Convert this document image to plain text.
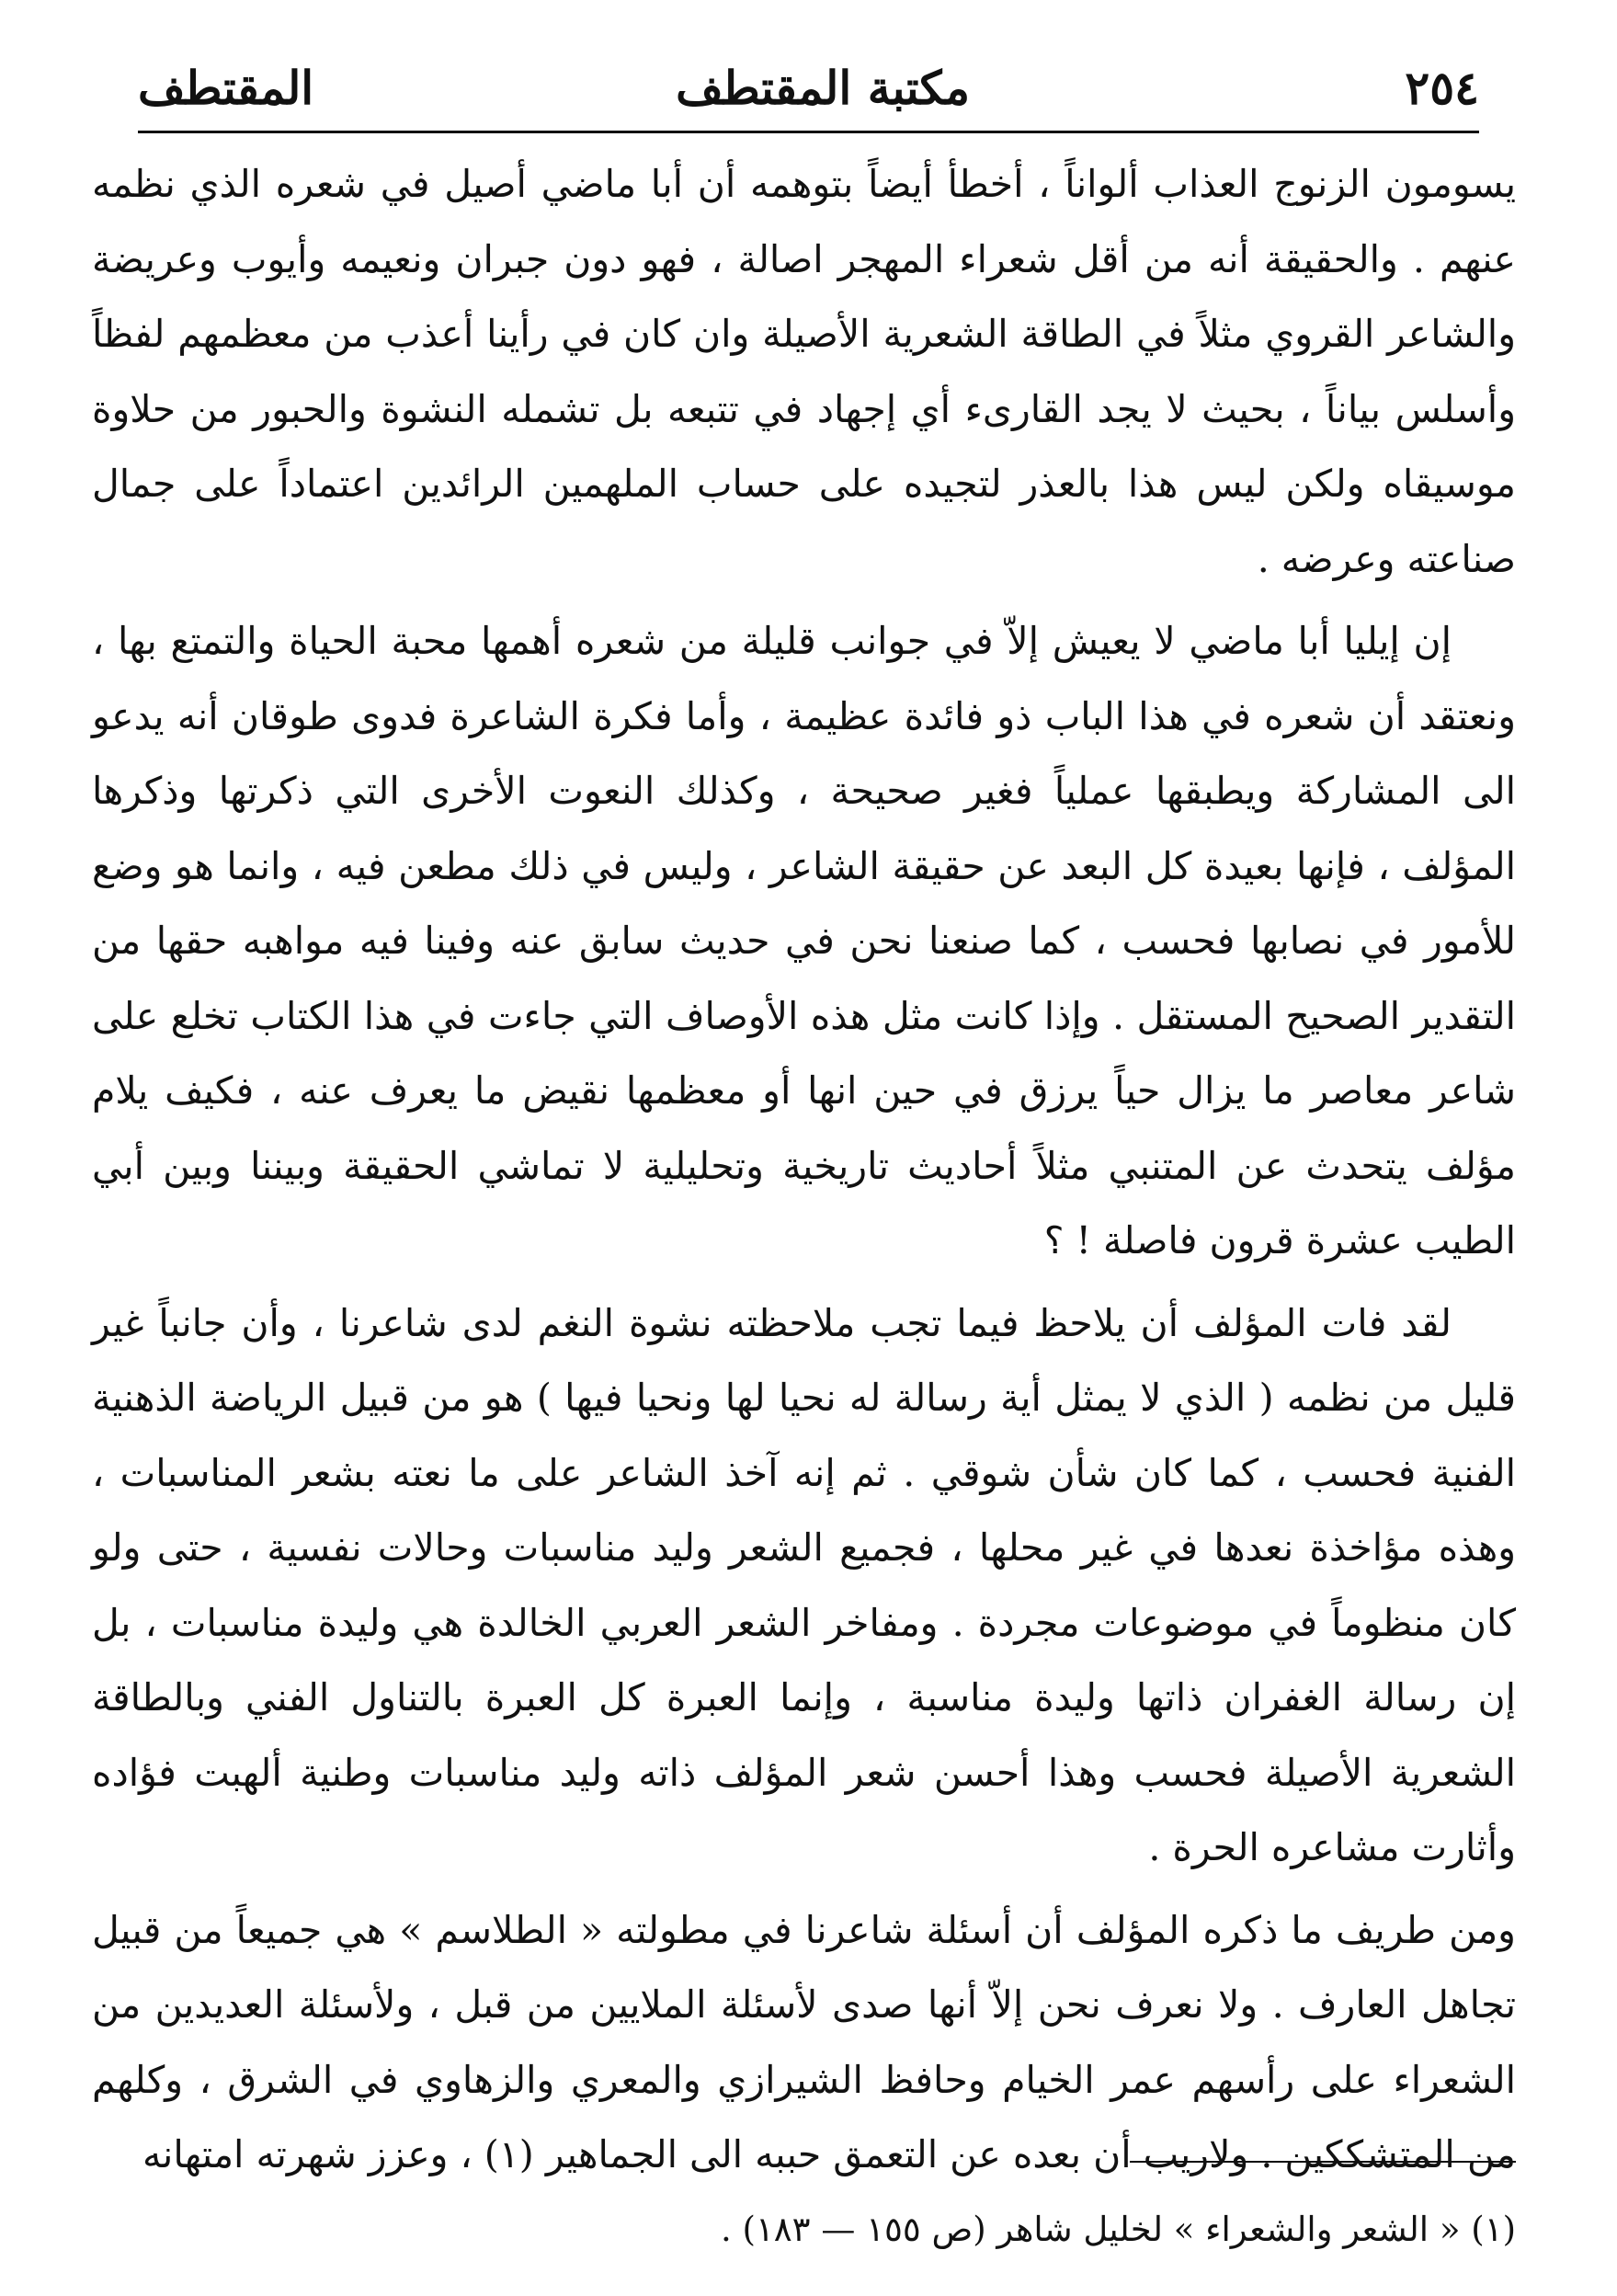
٢٥٤
مكتبة المقتطف
المقتطف

يسومون الزنوج العذاب ألواناً ، أخطأ أيضاً بتوهمه أن أبا ماضي أصيل في شعره الذي نظمه عنهم . والحقيقة أنه من أقل شعراء المهجر اصالة ، فهو دون جبران ونعيمه وأيوب وعريضة والشاعر القروي مثلاً في الطاقة الشعرية الأصيلة وان كان في رأينا أعذب من معظمهم لفظاً وأسلس بياناً ، بحيث لا يجد القارىء أي إجهاد في تتبعه بل تشمله النشوة والحبور من حلاوة موسيقاه ولكن ليس هذا بالعذر لتجيده على حساب الملهمين الرائدين اعتماداً على جمال صناعته وعرضه .

إن إيليا أبا ماضي لا يعيش إلاّ في جوانب قليلة من شعره أهمها محبة الحياة والتمتع بها ، ونعتقد أن شعره في هذا الباب ذو فائدة عظيمة ، وأما فكرة الشاعرة فدوى طوقان أنه يدعو الى المشاركة ويطبقها عملياً فغير صحيحة ، وكذلك النعوت الأخرى التي ذكرتها وذكرها المؤلف ، فإنها بعيدة كل البعد عن حقيقة الشاعر ، وليس في ذلك مطعن فيه ، وانما هو وضع للأمور في نصابها فحسب ، كما صنعنا نحن في حديث سابق عنه وفينا فيه مواهبه حقها من التقدير الصحيح المستقل . وإذا كانت مثل هذه الأوصاف التي جاءت في هذا الكتاب تخلع على شاعر معاصر ما يزال حياً يرزق في حين انها أو معظمها نقيض ما يعرف عنه ، فكيف يلام مؤلف يتحدث عن المتنبي مثلاً أحاديث تاريخية وتحليلية لا تماشي الحقيقة وبيننا وبين أبي الطيب عشرة قرون فاصلة ! ؟

لقد فات المؤلف أن يلاحظ فيما تجب ملاحظته نشوة النغم لدى شاعرنا ، وأن جانباً غير قليل من نظمه ( الذي لا يمثل أية رسالة له نحيا لها ونحيا فيها ) هو من قبيل الرياضة الذهنية الفنية فحسب ، كما كان شأن شوقي . ثم إنه آخذ الشاعر على ما نعته بشعر المناسبات ، وهذه مؤاخذة نعدها في غير محلها ، فجميع الشعر وليد مناسبات وحالات نفسية ، حتى ولو كان منظوماً في موضوعات مجردة . ومفاخر الشعر العربي الخالدة هي وليدة مناسبات ، بل إن رسالة الغفران ذاتها وليدة مناسبة ، وإنما العبرة كل العبرة بالتناول الفني وبالطاقة الشعرية الأصيلة فحسب وهذا أحسن شعر المؤلف ذاته وليد مناسبات وطنية ألهبت فؤاده وأثارت مشاعره الحرة .

ومن طريف ما ذكره المؤلف أن أسئلة شاعرنا في مطولته « الطلاسم » هي جميعاً من قبيل تجاهل العارف . ولا نعرف نحن إلاّ أنها صدى لأسئلة الملايين من قبل ، ولأسئلة العديدين من الشعراء على رأسهم عمر الخيام وحافظ الشيرازي والمعري والزهاوي في الشرق ، وكلهم من المتشككين . ولاريب أن بعده عن التعمق حببه الى الجماهير (١) ، وعزز شهرته امتهانه

(١) « الشعر والشعراء » لخليل شاهر (ص ١٥٥ — ١٨٣) .
